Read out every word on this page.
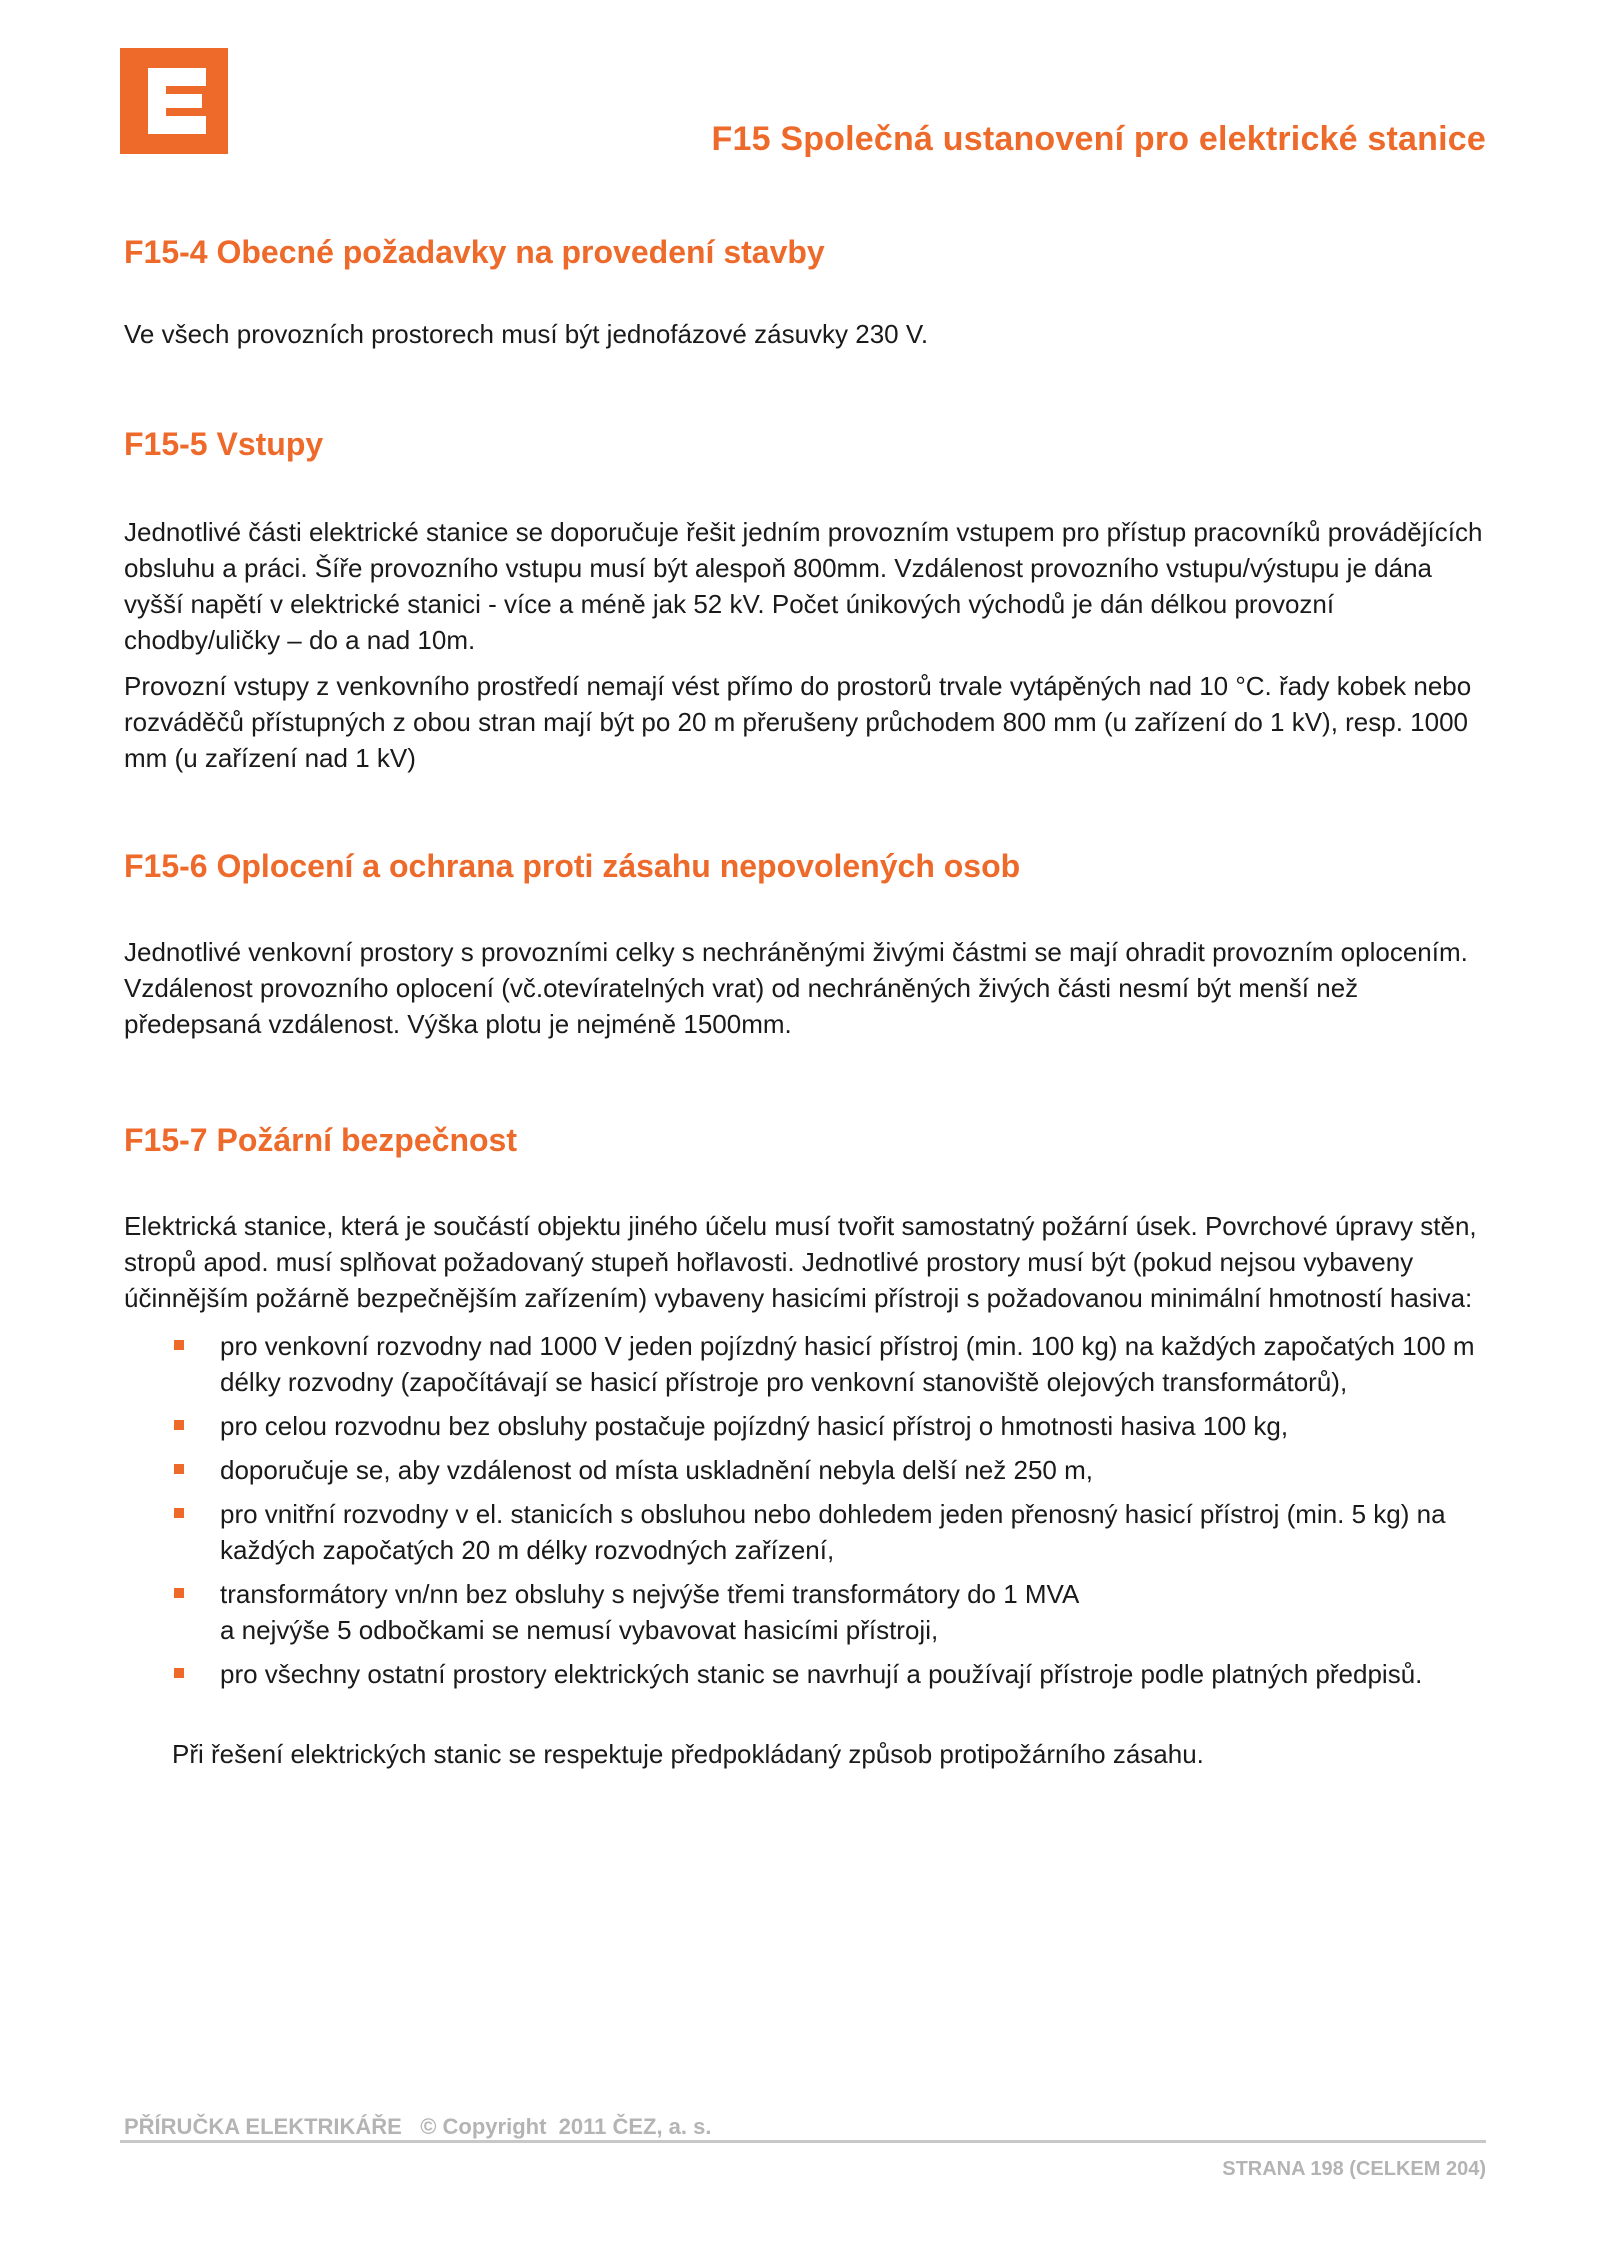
F15 Společná ustanovení pro elektrické stanice
F15-4 Obecné požadavky na provedení stavby

Ve všech provozních prostorech musí být jednofázové zásuvky 230 V.

F15-5 Vstupy

Jednotlivé části elektrické stanice se doporučuje řešit jedním provozním vstupem pro přístup pracovníků provádějících obsluhu a práci. Šíře provozního vstupu musí být alespoň 800mm. Vzdálenost provozního vstupu/výstupu je dána vyšší napětí v elektrické stanici - více a méně jak 52 kV. Počet únikových východů je dán délkou provozní chodby/uličky – do a nad 10m.

Provozní vstupy z venkovního prostředí nemají vést přímo do prostorů trvale vytápěných nad 10 °C. řady kobek nebo rozváděčů přístupných z obou stran mají být po 20 m přerušeny průchodem 800 mm (u zařízení do 1 kV), resp. 1000 mm (u zařízení nad 1 kV)

F15-6 Oplocení a ochrana proti zásahu nepovolených osob

Jednotlivé venkovní prostory s provozními celky s nechráněnými živými částmi se mají ohradit provozním oplocením. Vzdálenost provozního oplocení (vč.otevíratelných vrat) od nechráněných živých části nesmí být menší než předepsaná vzdálenost. Výška plotu je nejméně 1500mm.

F15-7 Požární bezpečnost

Elektrická stanice, která je součástí objektu jiného účelu musí tvořit samostatný požární úsek. Povrchové úpravy stěn, stropů apod. musí splňovat požadovaný stupeň hořlavosti. Jednotlivé prostory musí být (pokud nejsou vybaveny účinnějším požárně bezpečnějším zařízením) vybaveny hasicími přístroji s požadovanou minimální hmotností hasiva:

pro venkovní rozvodny nad 1000 V jeden pojízdný hasicí přístroj (min. 100 kg) na každých započatých 100 m délky rozvodny (započítávají se hasicí přístroje pro venkovní stanoviště olejových transformátorů),
pro celou rozvodnu bez obsluhy postačuje pojízdný hasicí přístroj o hmotnosti hasiva 100 kg,
doporučuje se, aby vzdálenost od místa uskladnění nebyla delší než 250 m,
pro vnitřní rozvodny v el. stanicích s obsluhou nebo dohledem jeden přenosný hasicí přístroj (min. 5 kg) na každých započatých 20 m délky rozvodných zařízení,
transformátory vn/nn bez obsluhy s nejvýše třemi transformátory do 1 MVA
a nejvýše 5 odbočkami se nemusí vybavovat hasicími přístroji,
pro všechny ostatní prostory elektrických stanic se navrhují a používají přístroje podle platných předpisů.

Při řešení elektrických stanic se respektuje předpokládaný způsob protipožárního zásahu.

PŘÍRUČKA ELEKTRIKÁŘE   © Copyright  2011 ČEZ, a. s.
STRANA 198 (CELKEM 204)
